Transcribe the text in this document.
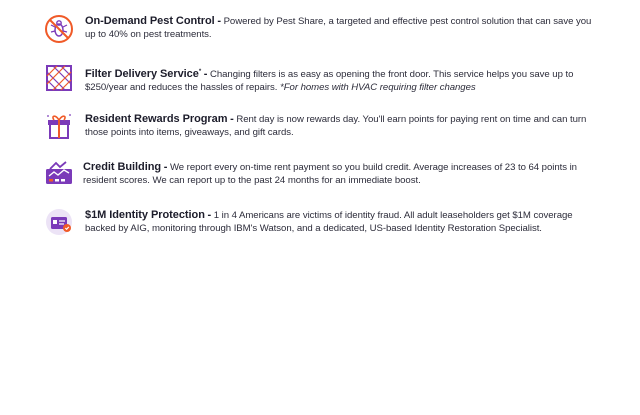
On-Demand Pest Control - Powered by Pest Share, a targeted and effective pest control solution that can save you up to 40% on pest treatments.
Filter Delivery Service* - Changing filters is as easy as opening the front door. This service helps you save up to $250/year and reduces the hassles of repairs. *For homes with HVAC requiring filter changes
Resident Rewards Program - Rent day is now rewards day. You'll earn points for paying rent on time and can turn those points into items, giveaways, and gift cards.
Credit Building - We report every on-time rent payment so you build credit. Average increases of 23 to 64 points in resident scores. We can report up to the past 24 months for an immediate boost.
$1M Identity Protection - 1 in 4 Americans are victims of identity fraud. All adult leaseholders get $1M coverage backed by AIG, monitoring through IBM's Watson, and a dedicated, US-based Identity Restoration Specialist.
